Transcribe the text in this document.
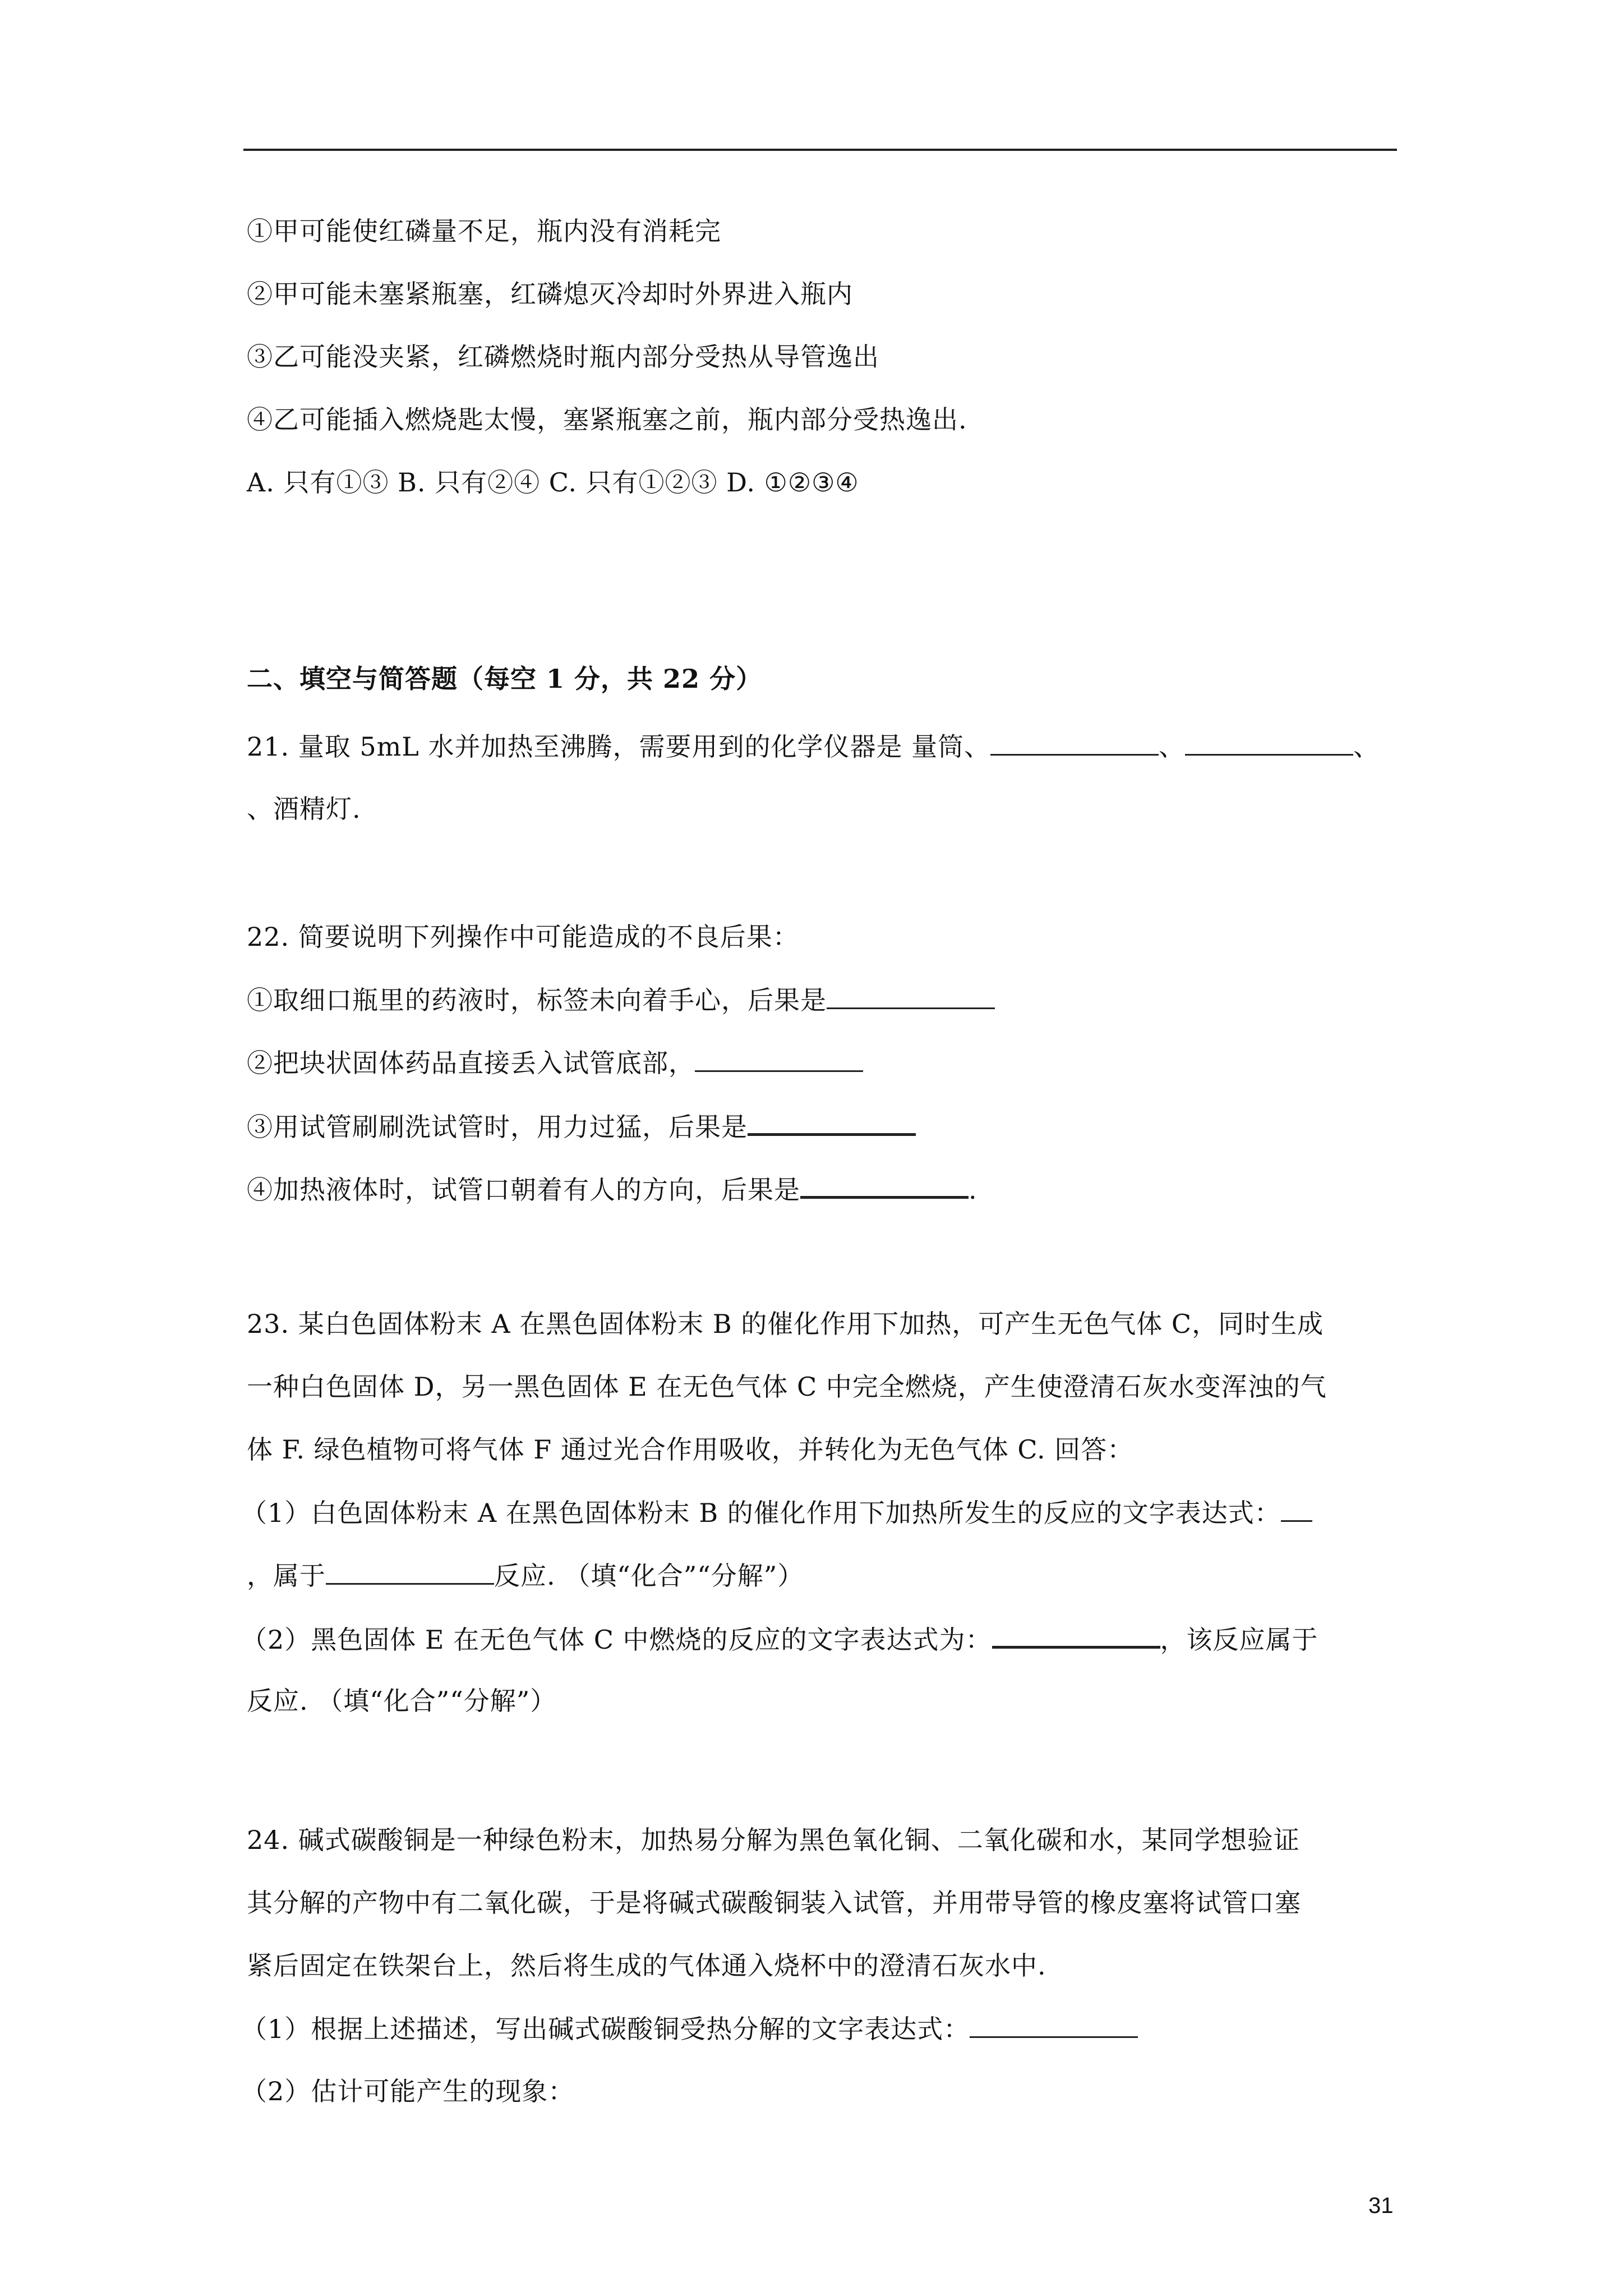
①甲可能使红磷量不足，瓶内没有消耗完
②甲可能未塞紧瓶塞，红磷熄灭冷却时外界进入瓶内
③乙可能没夹紧，红磷燃烧时瓶内部分受热从导管逸出
④乙可能插入燃烧匙太慢，塞紧瓶塞之前，瓶内部分受热逸出.
A. 只有①③ B. 只有②④ C. 只有①②③ D. ①②③④
二、填空与简答题（每空 1 分，共 22 分）
21. 量取 5mL 水并加热至沸腾，需要用到的化学仪器是 量筒、	、	、
、酒精灯.
22. 简要说明下列操作中可能造成的不良后果：
①取细口瓶里的药液时，标签未向着手心，后果是
②把块状固体药品直接丢入试管底部，
③用试管刷刷洗试管时，用力过猛，后果是
④加热液体时，试管口朝着有人的方向，后果是	.
23. 某白色固体粉末 A 在黑色固体粉末 B 的催化作用下加热，可产生无色气体 C，同时生成
一种白色固体 D，另一黑色固体 E 在无色气体 C 中完全燃烧，产生使澄清石灰水变浑浊的气
体 F. 绿色植物可将气体 F 通过光合作用吸收，并转化为无色气体 C. 回答：
（1）白色固体粉末 A 在黑色固体粉末 B 的催化作用下加热所发生的反应的文字表达式：
，属于	反应. （填“化合”“分解”）
（2）黑色固体 E 在无色气体 C 中燃烧的反应的文字表达式为：	，该反应属于
反应. （填“化合”“分解”）
24. 碱式碳酸铜是一种绿色粉末，加热易分解为黑色氧化铜、二氧化碳和水，某同学想验证
其分解的产物中有二氧化碳，于是将碱式碳酸铜装入试管，并用带导管的橡皮塞将试管口塞
紧后固定在铁架台上，然后将生成的气体通入烧杯中的澄清石灰水中.
（1）根据上述描述，写出碱式碳酸铜受热分解的文字表达式：
（2）估计可能产生的现象：
31
